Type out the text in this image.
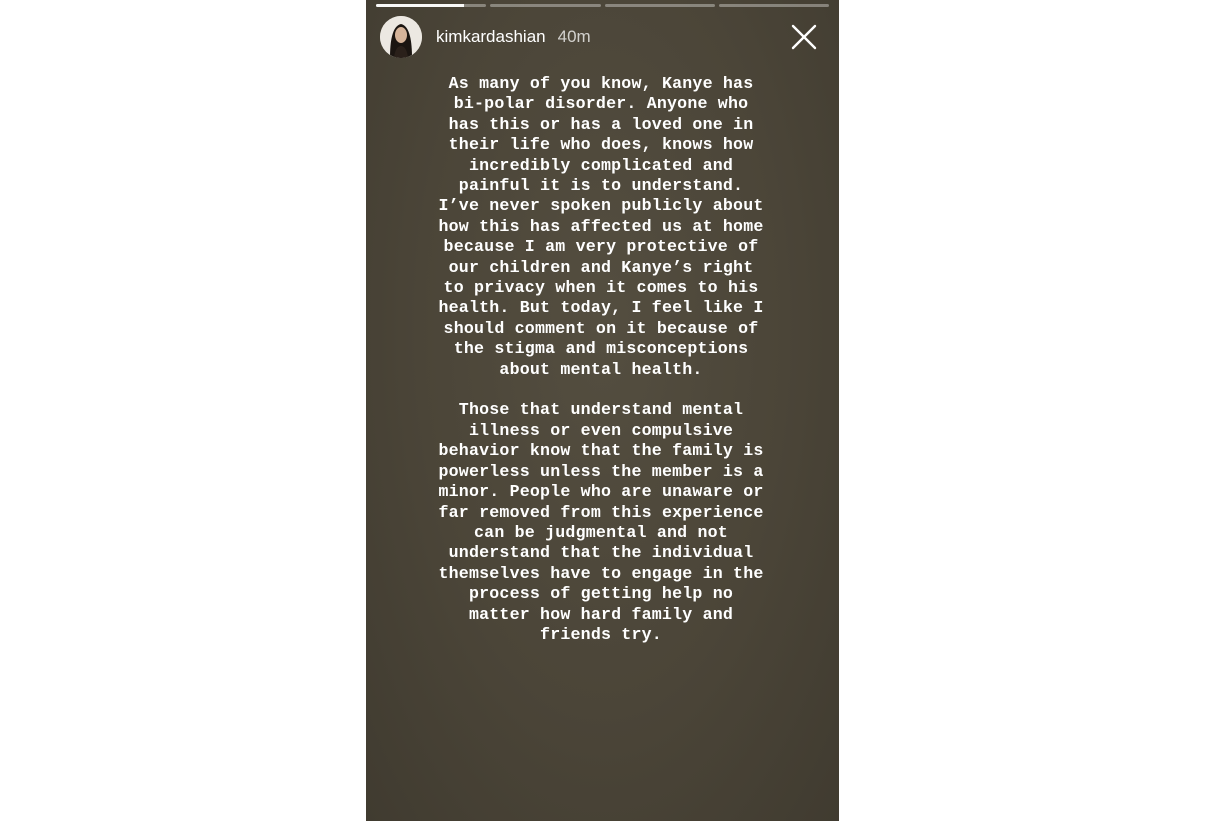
kimkardashian 40m

As many of you know, Kanye has bi-polar disorder. Anyone who has this or has a loved one in their life who does, knows how incredibly complicated and painful it is to understand. I’ve never spoken publicly about how this has affected us at home because I am very protective of our children and Kanye’s right to privacy when it comes to his health. But today, I feel like I should comment on it because of the stigma and misconceptions about mental health.

Those that understand mental illness or even compulsive behavior know that the family is powerless unless the member is a minor. People who are unaware or far removed from this experience can be judgmental and not understand that the individual themselves have to engage in the process of getting help no matter how hard family and friends try.
